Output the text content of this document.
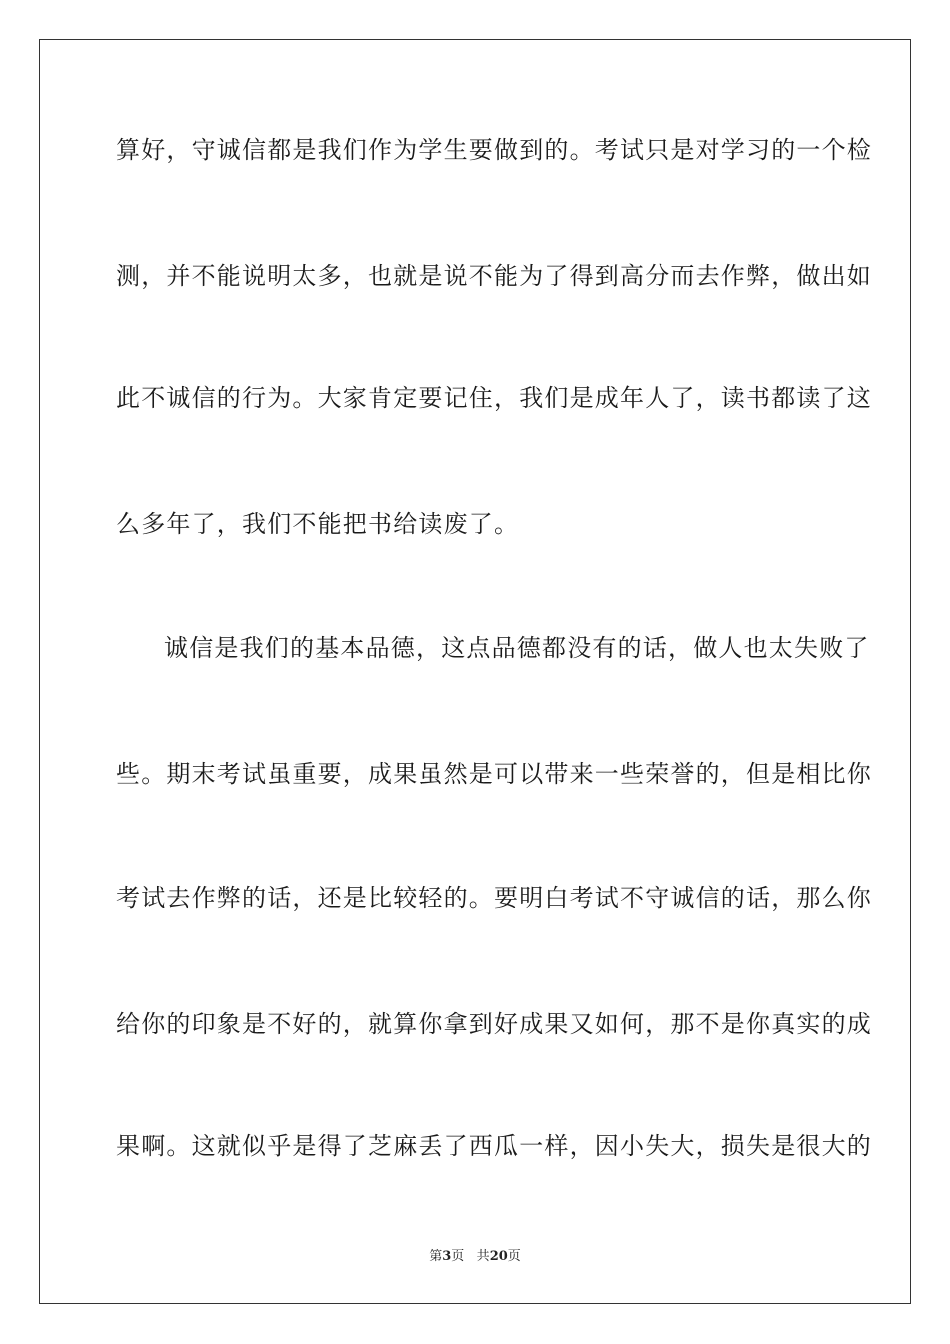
算好，守诚信都是我们作为学生要做到的。考试只是对学习的一个检
测，并不能说明太多，也就是说不能为了得到高分而去作弊，做出如
此不诚信的行为。大家肯定要记住，我们是成年人了，读书都读了这
么多年了，我们不能把书给读废了。
诚信是我们的基本品德，这点品德都没有的话，做人也太失败了
些。期末考试虽重要，成果虽然是可以带来一些荣誉的，但是相比你
考试去作弊的话，还是比较轻的。要明白考试不守诚信的话，那么你
给你的印象是不好的，就算你拿到好成果又如何，那不是你真实的成
果啊。这就似乎是得了芝麻丢了西瓜一样，因小失大，损失是很大的
第3页 共20页
